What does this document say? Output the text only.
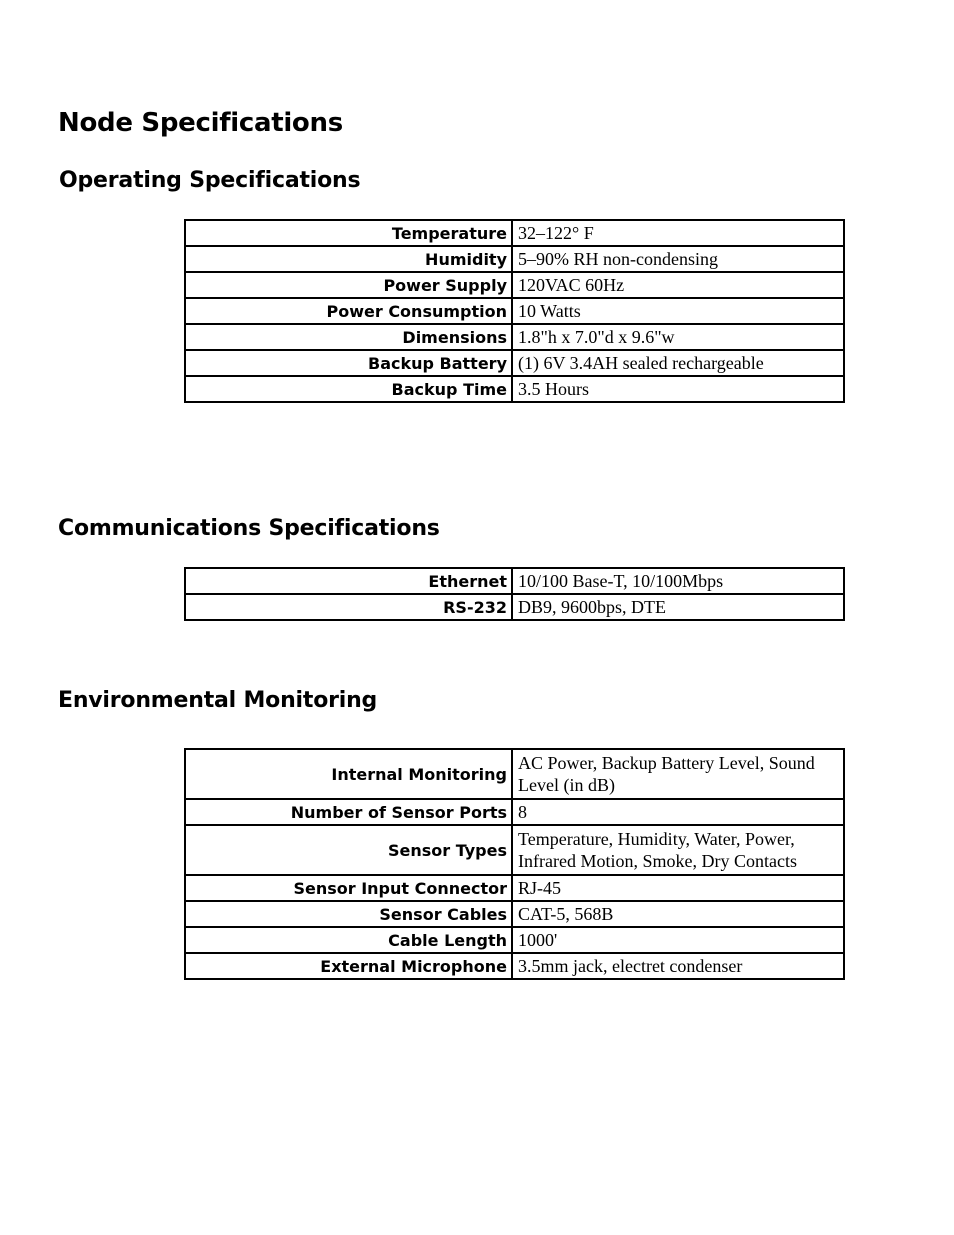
Node Specifications
Operating Specifications
Temperature	32–122° F
Humidity	5–90% RH non-condensing
Power Supply	120VAC 60Hz
Power Consumption	10 Watts
Dimensions	1.8"h x 7.0"d x 9.6"w
Backup Battery	(1) 6V 3.4AH sealed rechargeable
Backup Time	3.5 Hours
Communications Specifications
Ethernet	10/100 Base-T, 10/100Mbps
RS-232	DB9, 9600bps, DTE
Environmental Monitoring
Internal Monitoring	AC Power, Backup Battery Level, Sound Level (in dB)
Number of Sensor Ports	8
Sensor Types	Temperature, Humidity, Water, Power, Infrared Motion, Smoke, Dry Contacts
Sensor Input Connector	RJ-45
Sensor Cables	CAT-5, 568B
Cable Length	1000'
External Microphone	3.5mm jack, electret condenser
